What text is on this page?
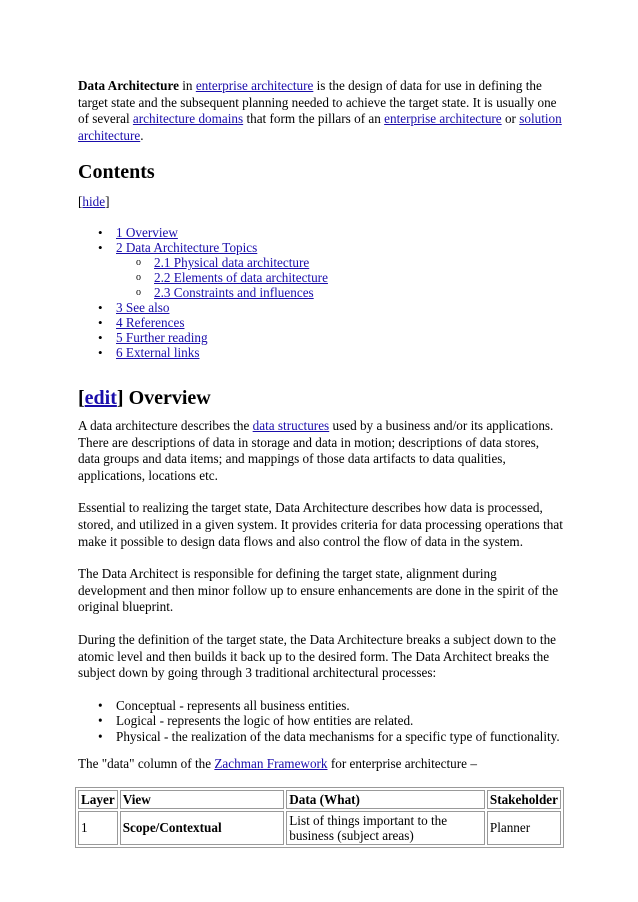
Data Architecture in enterprise architecture is the design of data for use in defining the target state and the subsequent planning needed to achieve the target state. It is usually one of several architecture domains that form the pillars of an enterprise architecture or solution architecture.

Contents
[hide]
• 1 Overview
• 2 Data Architecture Topics
o 2.1 Physical data architecture
o 2.2 Elements of data architecture
o 2.3 Constraints and influences
• 3 See also
• 4 References
• 5 Further reading
• 6 External links
[edit] Overview

A data architecture describes the data structures used by a business and/or its applications. There are descriptions of data in storage and data in motion; descriptions of data stores, data groups and data items; and mappings of those data artifacts to data qualities, applications, locations etc.

Essential to realizing the target state, Data Architecture describes how data is processed, stored, and utilized in a given system. It provides criteria for data processing operations that make it possible to design data flows and also control the flow of data in the system.

The Data Architect is responsible for defining the target state, alignment during development and then minor follow up to ensure enhancements are done in the spirit of the original blueprint.

During the definition of the target state, the Data Architecture breaks a subject down to the atomic level and then builds it back up to the desired form. The Data Architect breaks the subject down by going through 3 traditional architectural processes:

• Conceptual - represents all business entities.
• Logical - represents the logic of how entities are related.
• Physical - the realization of the data mechanisms for a specific type of functionality.

The "data" column of the Zachman Framework for enterprise architecture –

Layer	View	Data (What)	Stakeholder
1	Scope/Contextual	List of things important to the business (subject areas)	Planner
